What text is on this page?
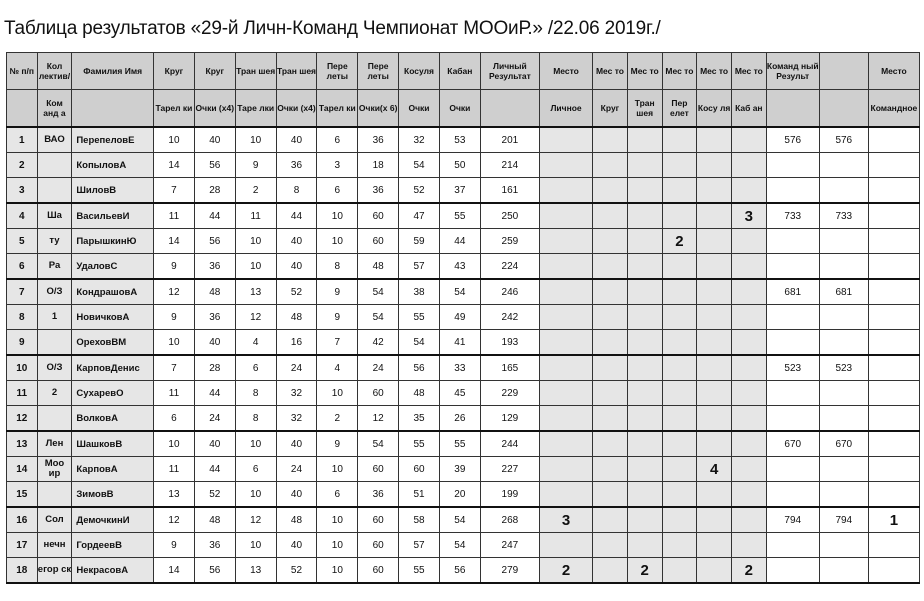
Таблица результатов «29-й Личн-Команд Чемпионат МООиР.» /22.06 2019г./
№ п/п	Кол лектив/	Фамилия Имя	Круг	Круг	Тран шея	Тран шея	Пере леты	Пере леты	Косуля	Кабан	Личный Результат	Место	Мес то	Мес то	Мес то	Мес то	Мес то	Команд ный Результ		Место
	Ком анд а		Тарел ки	Очки (х4)	Таре лки	Очки (х4)	Тарел ки	Очки(х 6)	Очки	Очки		Личное	Круг	Тран шея	Пер елет	Косу ля	Каб ан			Командное
1	ВАО	ПерепеловЕ	10	40	10	40	6	36	32	53	201							576	576	
2		КопыловА	14	56	9	36	3	18	54	50	214									
3		ШиловВ	7	28	2	8	6	36	52	37	161									
4	Ша	ВасильевИ	11	44	11	44	10	60	47	55	250						3	733	733	
5	ту	ПарышкинЮ	14	56	10	40	10	60	59	44	259				2					
6	Ра	УдаловС	9	36	10	40	8	48	57	43	224									
7	О/З	КондрашовА	12	48	13	52	9	54	38	54	246							681	681	
8	1	НовичковА	9	36	12	48	9	54	55	49	242									
9		ОреховВМ	10	40	4	16	7	42	54	41	193									
10	О/З	КарповДенис	7	28	6	24	4	24	56	33	165							523	523	
11	2	СухаревО	11	44	8	32	10	60	48	45	229									
12		ВолковА	6	24	8	32	2	12	35	26	129									
13	Лен	ШашковВ	10	40	10	40	9	54	55	55	244							670	670	
14	Моо ир	КарповА	11	44	6	24	10	60	60	39	227					4				
15		ЗимовВ	13	52	10	40	6	36	51	20	199									
16	Сол	ДемочкинИ	12	48	12	48	10	60	58	54	268	3						794	794	1
17	нечн	ГордеевВ	9	36	10	40	10	60	57	54	247									
18	егор ск	НекрасовА	14	56	13	52	10	60	55	56	279	2		2			2			
